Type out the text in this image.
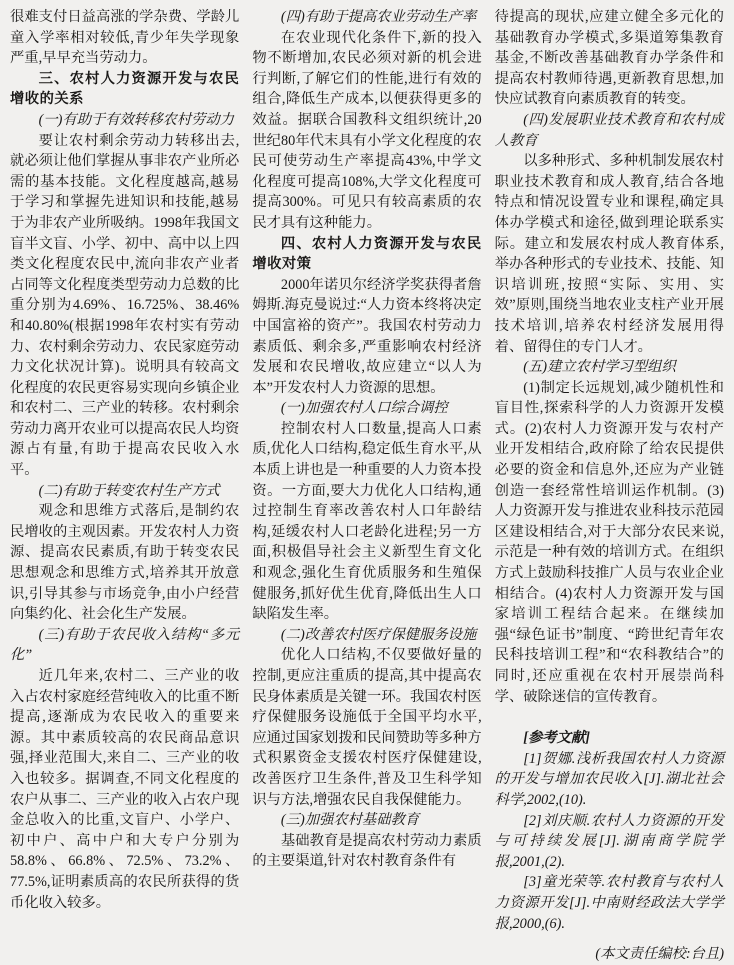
很难支付日益高涨的学杂费、学龄儿童入学率相对较低,青少年失学现象严重,早早充当劳动力。

三、农村人力资源开发与农民增收的关系

(一)有助于有效转移农村劳动力

要让农村剩余劳动力转移出去,就必须让他们掌握从事非农产业所必需的基本技能。文化程度越高,越易于学习和掌握先进知识和技能,越易于为非农产业所吸纳。1998年我国文盲半文盲、小学、初中、高中以上四类文化程度农民中,流向非农产业者占同等文化程度类型劳动力总数的比重分别为4.69%、16.725%、38.46%和40.80%(根据1998年农村实有劳动力、农村剩余劳动力、农民家庭劳动力文化状况计算)。说明具有较高文化程度的农民更容易实现向乡镇企业和农村二、三产业的转移。农村剩余劳动力离开农业可以提高农民人均资源占有量,有助于提高农民收入水平。

(二)有助于转变农村生产方式

观念和思维方式落后,是制约农民增收的主观因素。开发农村人力资源、提高农民素质,有助于转变农民思想观念和思维方式,培养其开放意识,引导其参与市场竞争,由小户经营向集约化、社会化生产发展。

(三)有助于农民收入结构“多元化”

近几年来,农村二、三产业的收入占农村家庭经营纯收入的比重不断提高,逐渐成为农民收入的重要来源。其中素质较高的农民商品意识强,择业范围大,来自二、三产业的收入也较多。据调查,不同文化程度的农户从事二、三产业的收入占农户现金总收入的比重,文盲户、小学户、初中户、高中户和大专户分别为58.8%、66.8%、72.5%、73.2%、77.5%,证明素质高的农民所获得的货币化收入较多。

(四)有助于提高农业劳动生产率

在农业现代化条件下,新的投入物不断增加,农民必须对新的机会进行判断,了解它们的性能,进行有效的组合,降低生产成本,以便获得更多的效益。据联合国教科文组织统计,20世纪80年代末具有小学文化程度的农民可使劳动生产率提高43%,中学文化程度可提高108%,大学文化程度可提高300%。可见只有较高素质的农民才具有这种能力。

四、农村人力资源开发与农民增收对策

2000年诺贝尔经济学奖获得者詹姆斯.海克曼说过:“人力资本终将决定中国富裕的资产”。我国农村劳动力素质低、剩余多,严重影响农村经济发展和农民增收,故应建立“以人为本”开发农村人力资源的思想。

(一)加强农村人口综合调控

控制农村人口数量,提高人口素质,优化人口结构,稳定低生育水平,从本质上讲也是一种重要的人力资本投资。一方面,要大力优化人口结构,通过控制生育率改善农村人口年龄结构,延缓农村人口老龄化进程;另一方面,积极倡导社会主义新型生育文化和观念,强化生育优质服务和生殖保健服务,抓好优生优育,降低出生人口缺陷发生率。

(二)改善农村医疗保健服务设施

优化人口结构,不仅要做好量的控制,更应注重质的提高,其中提高农民身体素质是关键一环。我国农村医疗保健服务设施低于全国平均水平,应通过国家划拨和民间赞助等多种方式积累资金支援农村医疗保健建设,改善医疗卫生条件,普及卫生科学知识与方法,增强农民自我保健能力。

(三)加强农村基础教育

基础教育是提高农村劳动力素质的主要渠道,针对农村教育条件有

待提高的现状,应建立健全多元化的基础教育办学模式,多渠道筹集教育基金,不断改善基础教育办学条件和提高农村教师待遇,更新教育思想,加快应试教育向素质教育的转变。

(四)发展职业技术教育和农村成人教育

以多种形式、多种机制发展农村职业技术教育和成人教育,结合各地特点和情况设置专业和课程,确定具体办学模式和途径,做到理论联系实际。建立和发展农村成人教育体系,举办各种形式的专业技术、技能、知识培训班,按照“实际、实用、实效”原则,围绕当地农业支柱产业开展技术培训,培养农村经济发展用得着、留得住的专门人才。

(五)建立农村学习型组织

(1)制定长远规划,减少随机性和盲目性,探索科学的人力资源开发模式。(2)农村人力资源开发与农村产业开发相结合,政府除了给农民提供必要的资金和信息外,还应为产业链创造一套经常性培训运作机制。(3)人力资源开发与推进农业科技示范园区建设相结合,对于大部分农民来说,示范是一种有效的培训方式。在组织方式上鼓励科技推广人员与农业企业相结合。(4)农村人力资源开发与国家培训工程结合起来。在继续加强“绿色证书”制度、“跨世纪青年农民科技培训工程”和“农科教结合”的同时,还应重视在农村开展崇尚科学、破除迷信的宣传教育。

[参考文献]

[1]贺娜.浅析我国农村人力资源的开发与增加农民收入[J].湖北社会科学,2002,(10).

[2]刘庆顺.农村人力资源的开发与可持续发展[J].湖南商学院学报,2001,(2).

[3]童光荣等.农村教育与农村人力资源开发[J].中南财经政法大学学报,2000,(6).

(本文责任编校:台且)
